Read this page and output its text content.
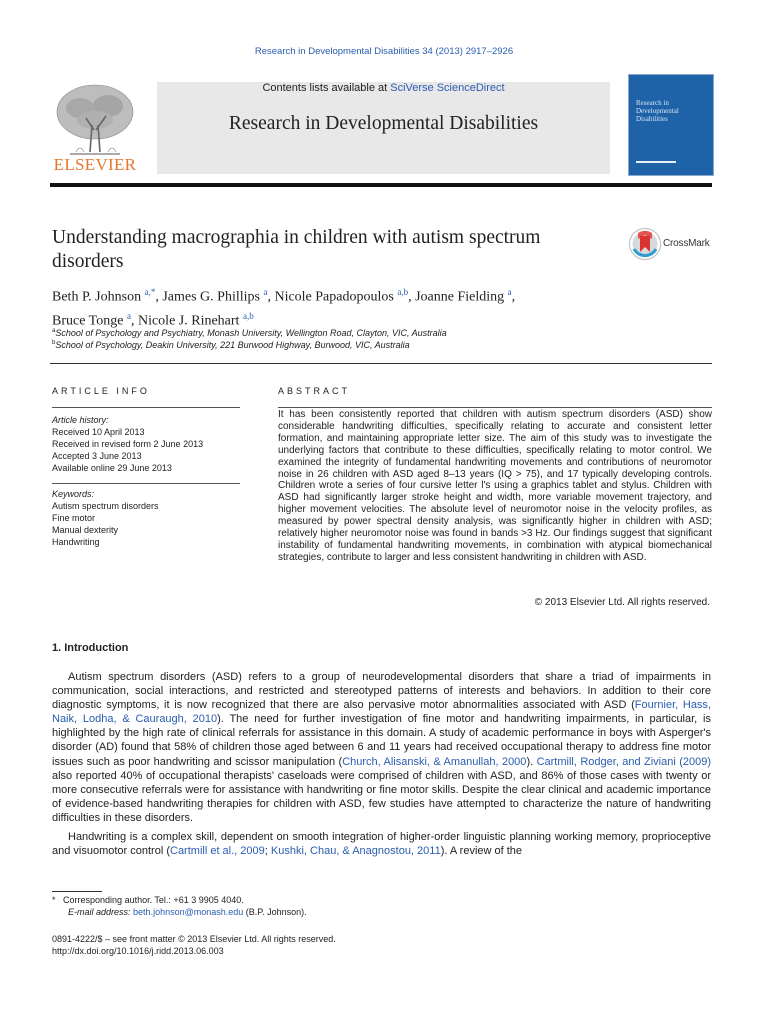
Research in Developmental Disabilities 34 (2013) 2917–2926
Contents lists available at SciVerse ScienceDirect
Research in Developmental Disabilities
ELSEVIER
Research in Developmental Disabilities
Understanding macrographia in children with autism spectrum disorders
CrossMark
Beth P. Johnson $^{a,*}$, James G. Phillips $^a$, Nicole Papadopoulos $^{a,b}$, Joanne Fielding $^a$,
Bruce Tonge $^a$, Nicole J. Rinehart $^{a,b}$
$^a$School of Psychology and Psychiatry, Monash University, Wellington Road, Clayton, VIC, Australia
$^b$School of Psychology, Deakin University, 221 Burwood Highway, Burwood, VIC, Australia
ARTICLE INFO
Article history:
Received 10 April 2013
Received in revised form 2 June 2013
Accepted 3 June 2013
Available online 29 June 2013
Keywords:
Autism spectrum disorders
Fine motor
Manual dexterity
Handwriting
ABSTRACT
It has been consistently reported that children with autism spectrum disorders (ASD) show considerable handwriting difficulties, specifically relating to accurate and consistent letter formation, and maintaining appropriate letter size. The aim of this study was to investigate the underlying factors that contribute to these difficulties, specifically relating to motor control. We examined the integrity of fundamental handwriting movements and contributions of neuromotor noise in 26 children with ASD aged 8–13 years (IQ > 75), and 17 typically developing controls. Children wrote a series of four cursive letter l's using a graphics tablet and stylus. Children with ASD had significantly larger stroke height and width, more variable movement trajectory, and higher movement velocities. The absolute level of neuromotor noise in the velocity profiles, as measured by power spectral density analysis, was significantly higher in children with ASD; relatively higher neuromotor noise was found in bands >3 Hz. Our findings suggest that significant instability of fundamental handwriting movements, in combination with atypical biomechanical strategies, contribute to larger and less consistent handwriting in children with ASD.
© 2013 Elsevier Ltd. All rights reserved.
1. Introduction
Autism spectrum disorders (ASD) refers to a group of neurodevelopmental disorders that share a triad of impairments in communication, social interactions, and restricted and stereotyped patterns of interests and behaviors. In addition to their core diagnostic symptoms, it is now recognized that there are also pervasive motor abnormalities associated with ASD (Fournier, Hass, Naik, Lodha, & Cauraugh, 2010). The need for further investigation of fine motor and handwriting impairments, in particular, is highlighted by the high rate of clinical referrals for assistance in this domain. A study of academic performance in boys with Asperger's disorder (AD) found that 58% of children those aged between 6 and 11 years had received occupational therapy to address fine motor issues such as poor handwriting and scissor manipulation (Church, Alisanski, & Amanullah, 2000). Cartmill, Rodger, and Ziviani (2009) also reported 40% of occupational therapists' caseloads were comprised of children with ASD, and 86% of those cases with twenty or more consecutive referrals were for assistance with handwriting or fine motor skills. Despite the clear clinical and academic importance of evidence-based handwriting therapies for children with ASD, few studies have attempted to characterize the nature of handwriting difficulties in these disorders.
Handwriting is a complex skill, dependent on smooth integration of higher-order linguistic planning working memory, proprioceptive and visuomotor control (Cartmill et al., 2009; Kushki, Chau, & Anagnostou, 2011). A review of the
* Corresponding author. Tel.: +61 3 9905 4040.
E-mail address: beth.johnson@monash.edu (B.P. Johnson).
0891-4222/$ – see front matter © 2013 Elsevier Ltd. All rights reserved.
http://dx.doi.org/10.1016/j.ridd.2013.06.003
